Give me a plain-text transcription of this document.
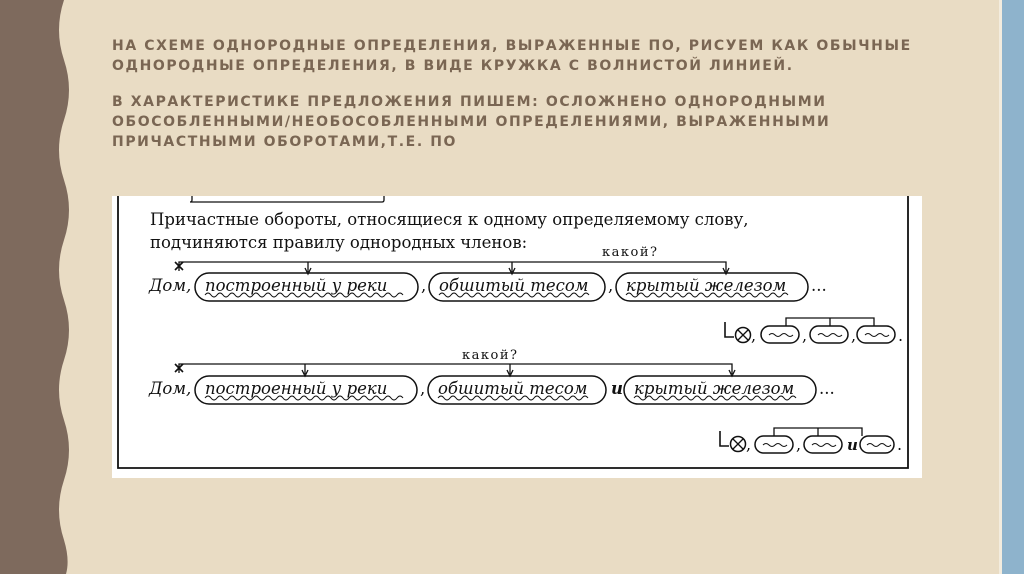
НА СХЕМЕ ОДНОРОДНЫЕ ОПРЕДЕЛЕНИЯ, ВЫРАЖЕННЫЕ ПО, РИСУЕМ КАК ОБЫЧНЫЕ ОДНОРОДНЫЕ ОПРЕДЕЛЕНИЯ, В ВИДЕ КРУЖКА С ВОЛНИСТОЙ ЛИНИЕЙ.

В ХАРАКТЕРИСТИКЕ ПРЕДЛОЖЕНИЯ ПИШЕМ: ОСЛОЖНЕНО ОДНОРОДНЫМИ ОБОСОБЛЕННЫМИ/НЕОБОСОБЛЕННЫМИ ОПРЕДЕЛЕНИЯМИ, ВЫРАЖЕННЫМИ ПРИЧАСТНЫМИ ОБОРОТАМИ,Т.Е. ПО

Причастные обороты, относящиеся к одному определяемому слову,
подчиняются правилу однородных членов:
какой?
Дом, построенный у реки , обшитый тесом , крытый железом ...
,	,	,	.
какой?
Дом, построенный у реки , обшитый тесом и крытый железом ...
,	,	и .
